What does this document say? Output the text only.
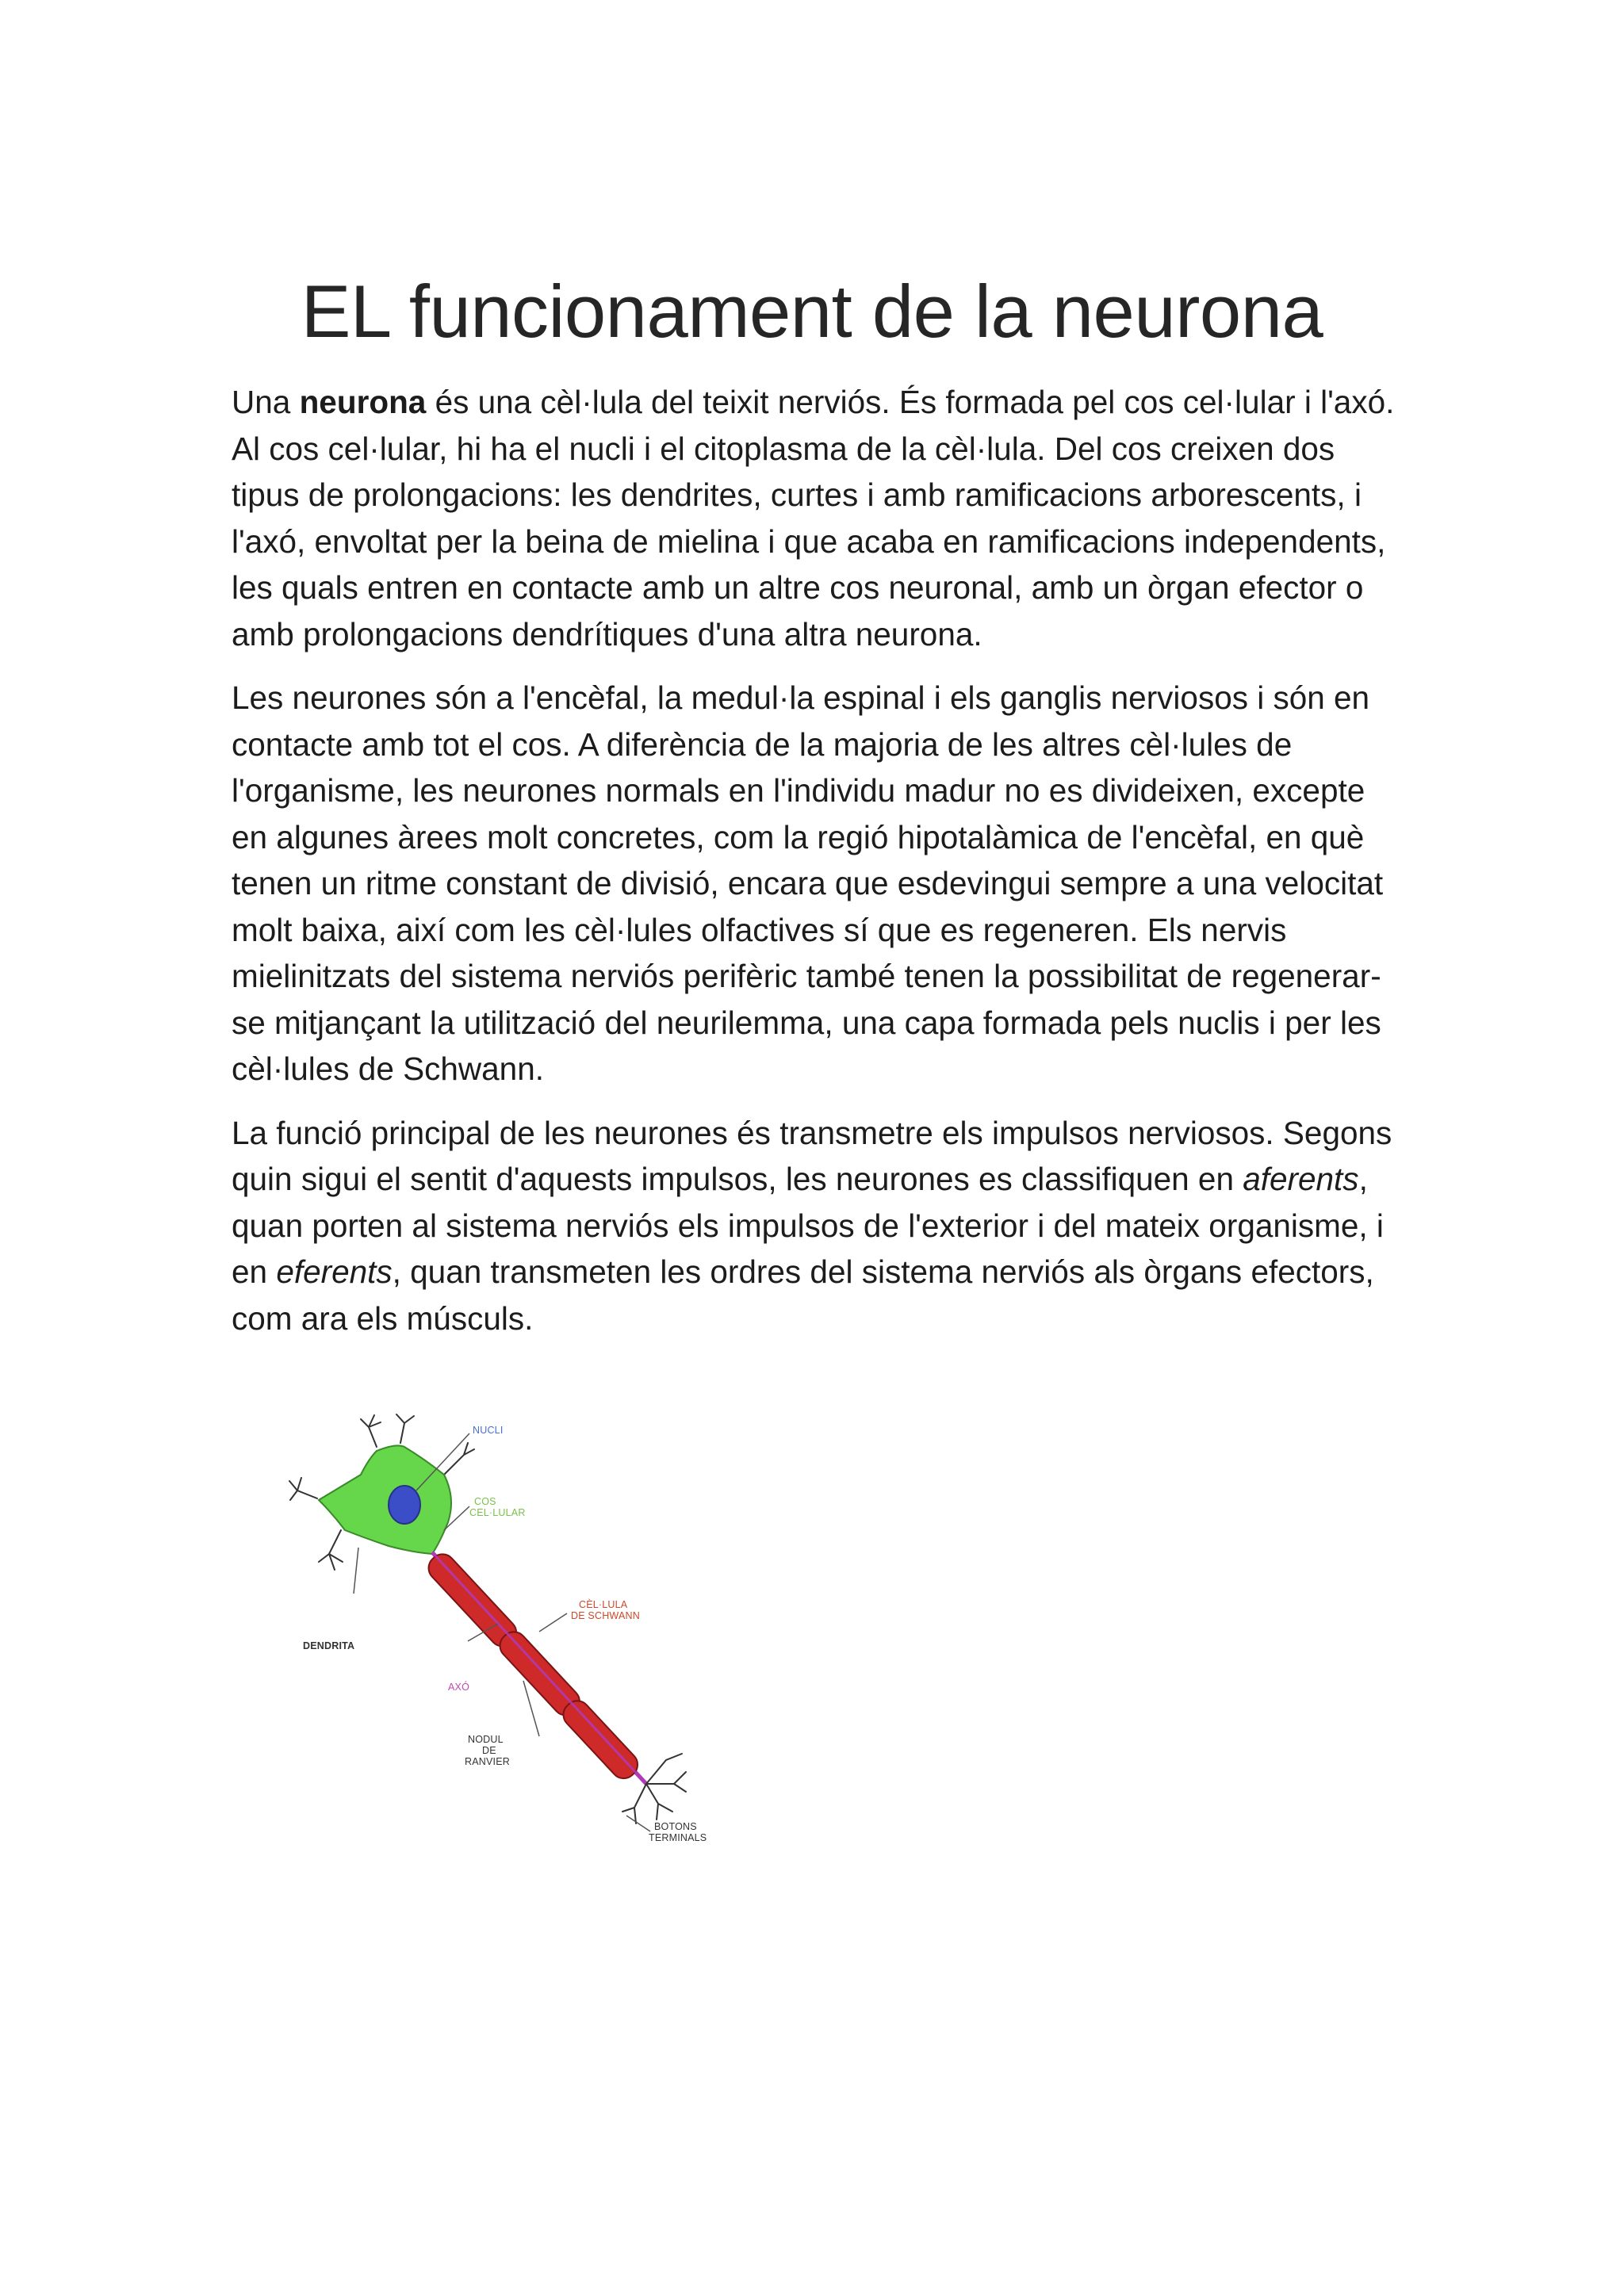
EL funcionament de la neurona

Una neurona és una cèl·lula del teixit nerviós. És formada pel cos cel·lular i l'axó. Al cos cel·lular, hi ha el nucli i el citoplasma de la cèl·lula. Del cos creixen dos tipus de prolongacions: les dendrites, curtes i amb ramificacions arborescents, i l'axó, envoltat per la beina de mielina i que acaba en ramificacions independents, les quals entren en contacte amb un altre cos neuronal, amb un òrgan efector o amb prolongacions dendrítiques d'una altra neurona.

Les neurones són a l'encèfal, la medul·la espinal i els ganglis nerviosos i són en contacte amb tot el cos. A diferència de la majoria de les altres cèl·lules de l'organisme, les neurones normals en l'individu madur no es divideixen, excepte en algunes àrees molt concretes, com la regió hipotalàmica de l'encèfal, en què tenen un ritme constant de divisió, encara que esdevingui sempre a una velocitat molt baixa, així com les cèl·lules olfactives sí que es regeneren. Els nervis mielinitzats del sistema nerviós perifèric també tenen la possibilitat de regenerar-se mitjançant la utilització del neurilemma, una capa formada pels nuclis i per les cèl·lules de Schwann.

La funció principal de les neurones és transmetre els impulsos nerviosos. Segons quin sigui el sentit d'aquests impulsos, les neurones es classifiquen en aferents, quan porten al sistema nerviós els impulsos de l'exterior i del mateix organisme, i en eferents, quan transmeten les ordres del sistema nerviós als òrgans efectors, com ara els músculs.

NUCLI
COS
CEL·LULAR
CÈL·LULA
DE SCHWANN
DENDRITA
AXÓ
NODUL
DE
RANVIER
BOTONS
TERMINALS
